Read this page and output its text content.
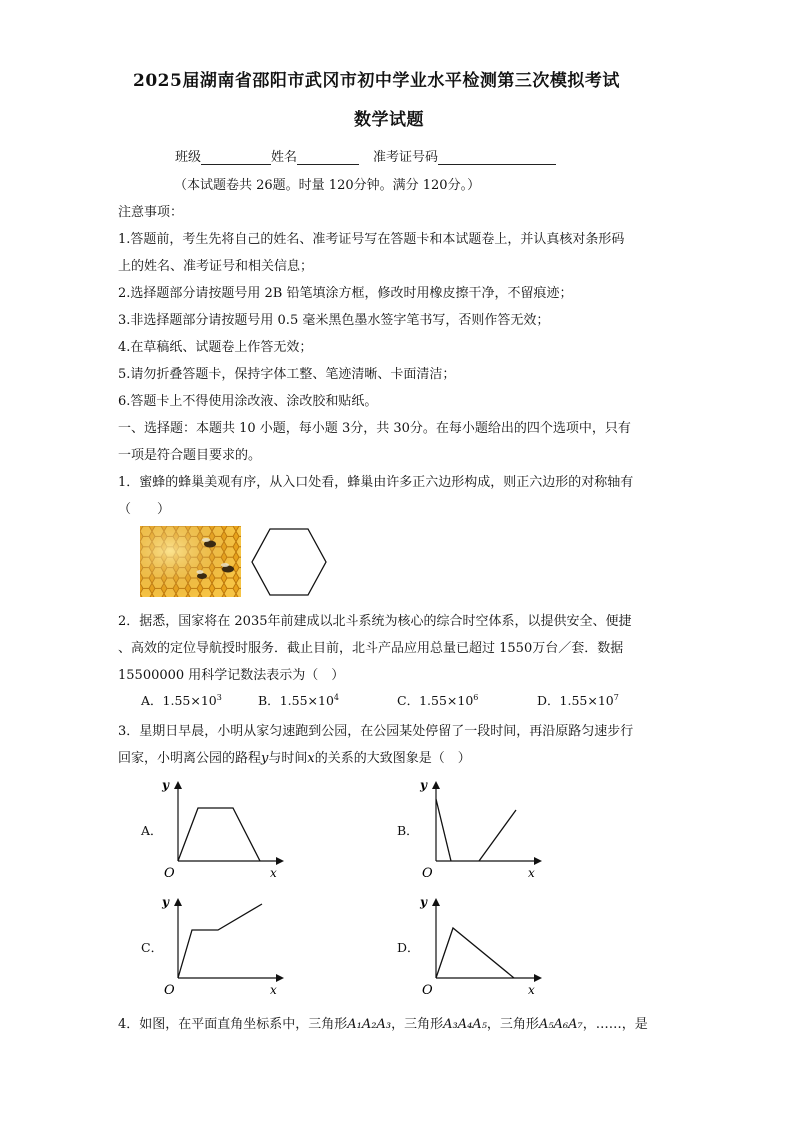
2025届湖南省邵阳市武冈市初中学业水平检测第三次模拟考试
数学试题
班级	姓名	准考证号码
（本试题卷共 26题。时量 120分钟。满分 120分。）
注意事项：
1.答题前，考生先将自己的姓名、准考证号写在答题卡和本试题卷上，并认真核对条形码
上的姓名、准考证号和相关信息；
2.选择题部分请按题号用 2B 铅笔填涂方框，修改时用橡皮擦干净，不留痕迹；
3.非选择题部分请按题号用 0.5 毫米黑色墨水签字笔书写，否则作答无效；
4.在草稿纸、试题卷上作答无效；
5.请勿折叠答题卡，保持字体工整、笔迹清晰、卡面清洁；
6.答题卡上不得使用涂改液、涂改胶和贴纸。
一、选择题：本题共 10 小题，每小题 3分，共 30分。在每小题给出的四个选项中，只有
一项是符合题目要求的。
1．蜜蜂的蜂巢美观有序，从入口处看，蜂巢由许多正六边形构成，则正六边形的对称轴有
（　　）
2．据悉，国家将在 2035年前建成以北斗系统为核心的综合时空体系，以提供安全、便捷
、高效的定位导航授时服务．截止目前，北斗产品应用总量已超过 1550万台／套．数据
15500000 用科学记数法表示为（　）
A．$1.55\times 10^3$	B．$1.55\times 10^4$	C．$1.55\times 10^6$	D．$1.55\times 10^7$
3．星期日早晨，小明从家匀速跑到公园，在公园某处停留了一段时间，再沿原路匀速步行
回家，小明离公园的路程y与时间x的关系的大致图象是（　）
A．
y
x
O
B．
y
x
O
C．
y
x
O
D．
y
x
O
4．如图，在平面直角坐标系中，三角形A₁A₂A₃，三角形A₃A₄A₅，三角形A₅A₆A₇，……，是
